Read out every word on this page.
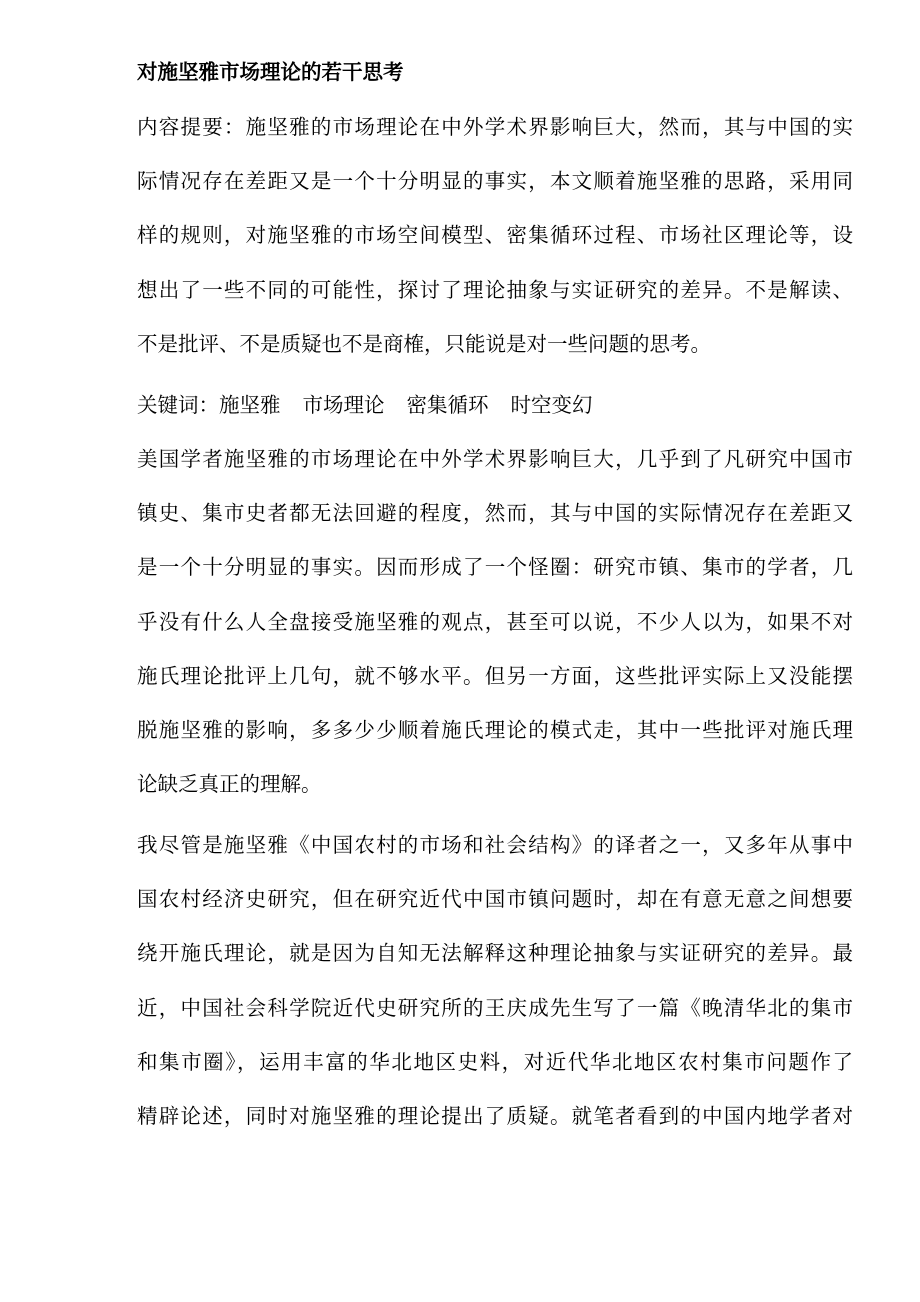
对施坚雅市场理论的若干思考
内容提要：施坚雅的市场理论在中外学术界影响巨大，然而，其与中国的实
际情况存在差距又是一个十分明显的事实，本文顺着施坚雅的思路，采用同
样的规则，对施坚雅的市场空间模型、密集循环过程、市场社区理论等，设
想出了一些不同的可能性，探讨了理论抽象与实证研究的差异。不是解读、
不是批评、不是质疑也不是商榷，只能说是对一些问题的思考。
关键词：施坚雅 市场理论 密集循环 时空变幻
美国学者施坚雅的市场理论在中外学术界影响巨大，几乎到了凡研究中国市
镇史、集市史者都无法回避的程度，然而，其与中国的实际情况存在差距又
是一个十分明显的事实。因而形成了一个怪圈：研究市镇、集市的学者，几
乎没有什么人全盘接受施坚雅的观点，甚至可以说，不少人以为，如果不对
施氏理论批评上几句，就不够水平。但另一方面，这些批评实际上又没能摆
脱施坚雅的影响，多多少少顺着施氏理论的模式走，其中一些批评对施氏理
论缺乏真正的理解。
我尽管是施坚雅《中国农村的市场和社会结构》的译者之一，又多年从事中
国农村经济史研究，但在研究近代中国市镇问题时，却在有意无意之间想要
绕开施氏理论，就是因为自知无法解释这种理论抽象与实证研究的差异。最
近，中国社会科学院近代史研究所的王庆成先生写了一篇《晚清华北的集市
和集市圈》，运用丰富的华北地区史料，对近代华北地区农村集市问题作了
精辟论述，同时对施坚雅的理论提出了质疑。就笔者看到的中国内地学者对
